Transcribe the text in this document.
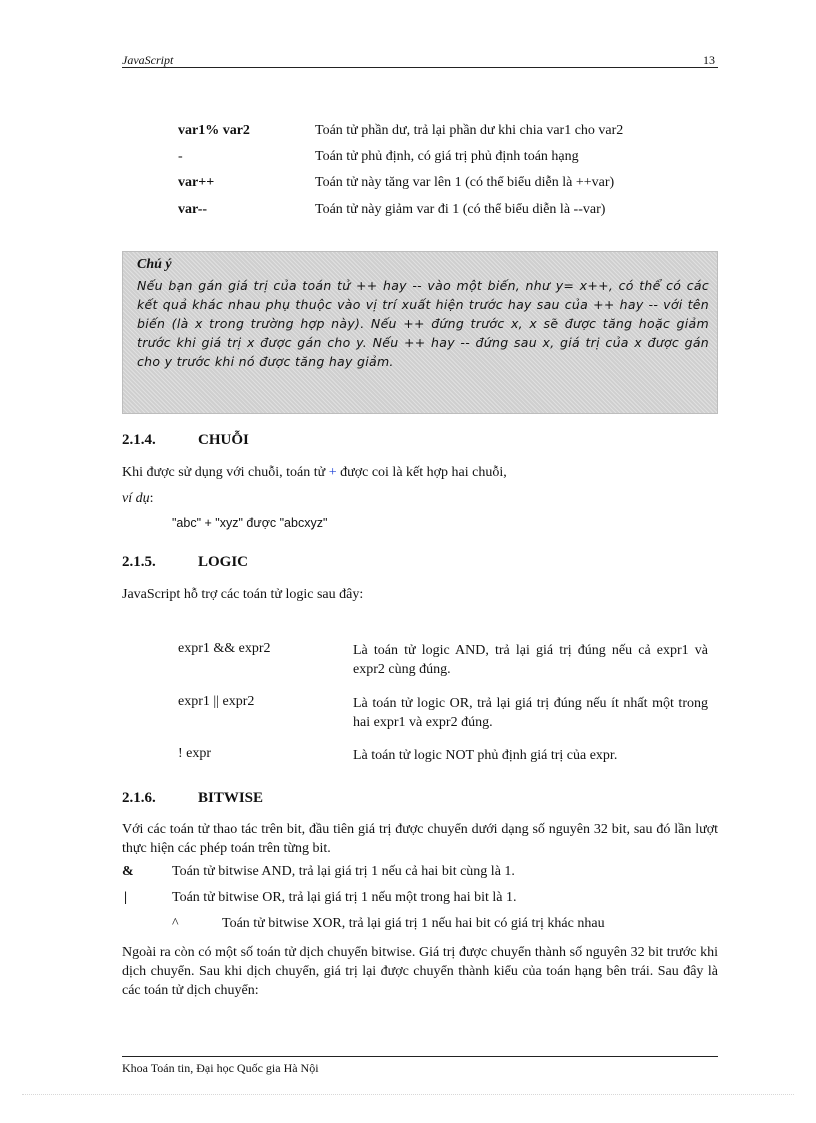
JavaScript	13
var1% var2	Toán tử phần dư, trả lại phần dư khi chia var1 cho var2
-	Toán tử phủ định, có giá trị phủ định toán hạng
var++	Toán tử này tăng var lên 1 (có thể biểu diễn là ++var)
var--	Toán tử này giảm var đi 1 (có thể biểu diễn là --var)
Chú ý
Nếu bạn gán giá trị của toán tử ++ hay -- vào một biến, như y= x++, có thể có các kết quả khác nhau phụ thuộc vào vị trí xuất hiện trước hay sau của ++ hay -- với tên biến (là x trong trường hợp này). Nếu ++ đứng trước x, x sẽ được tăng hoặc giảm trước khi giá trị x được gán cho y. Nếu ++ hay -- đứng sau x, giá trị của x được gán cho y trước khi nó được tăng hay giảm.
2.1.4.	CHUỖI
Khi được sử dụng với chuỗi, toán tử + được coi là kết hợp hai chuỗi,
ví dụ:
"abc" + "xyz" được "abcxyz"
2.1.5.	LOGIC
JavaScript hỗ trợ các toán tử logic sau đây:
expr1 && expr2	Là toán tử logic AND, trả lại giá trị đúng nếu cả expr1 và expr2 cùng đúng.
expr1 || expr2	Là toán tử logic OR, trả lại giá trị đúng nếu ít nhất một trong hai expr1 và expr2 đúng.
! expr	Là toán tử logic NOT phủ định giá trị của expr.
2.1.6.	BITWISE
Với các toán tử thao tác trên bit, đầu tiên giá trị được chuyển dưới dạng số nguyên 32 bit, sau đó lần lượt thực hiện các phép toán trên từng bit.
&	Toán tử bitwise AND, trả lại giá trị 1 nếu cả hai bit cùng là 1.
|	Toán tử bitwise OR, trả lại giá trị 1 nếu một trong hai bit là 1.
^	Toán tử bitwise XOR, trả lại giá trị 1 nếu hai bit có giá trị khác nhau
Ngoài ra còn có một số toán tử dịch chuyển bitwise. Giá trị được chuyển thành số nguyên 32 bit trước khi dịch chuyển. Sau khi dịch chuyển, giá trị lại được chuyển thành kiểu của toán hạng bên trái. Sau đây là các toán tử dịch chuyển:
Khoa Toán tin, Đại học Quốc gia Hà Nội
